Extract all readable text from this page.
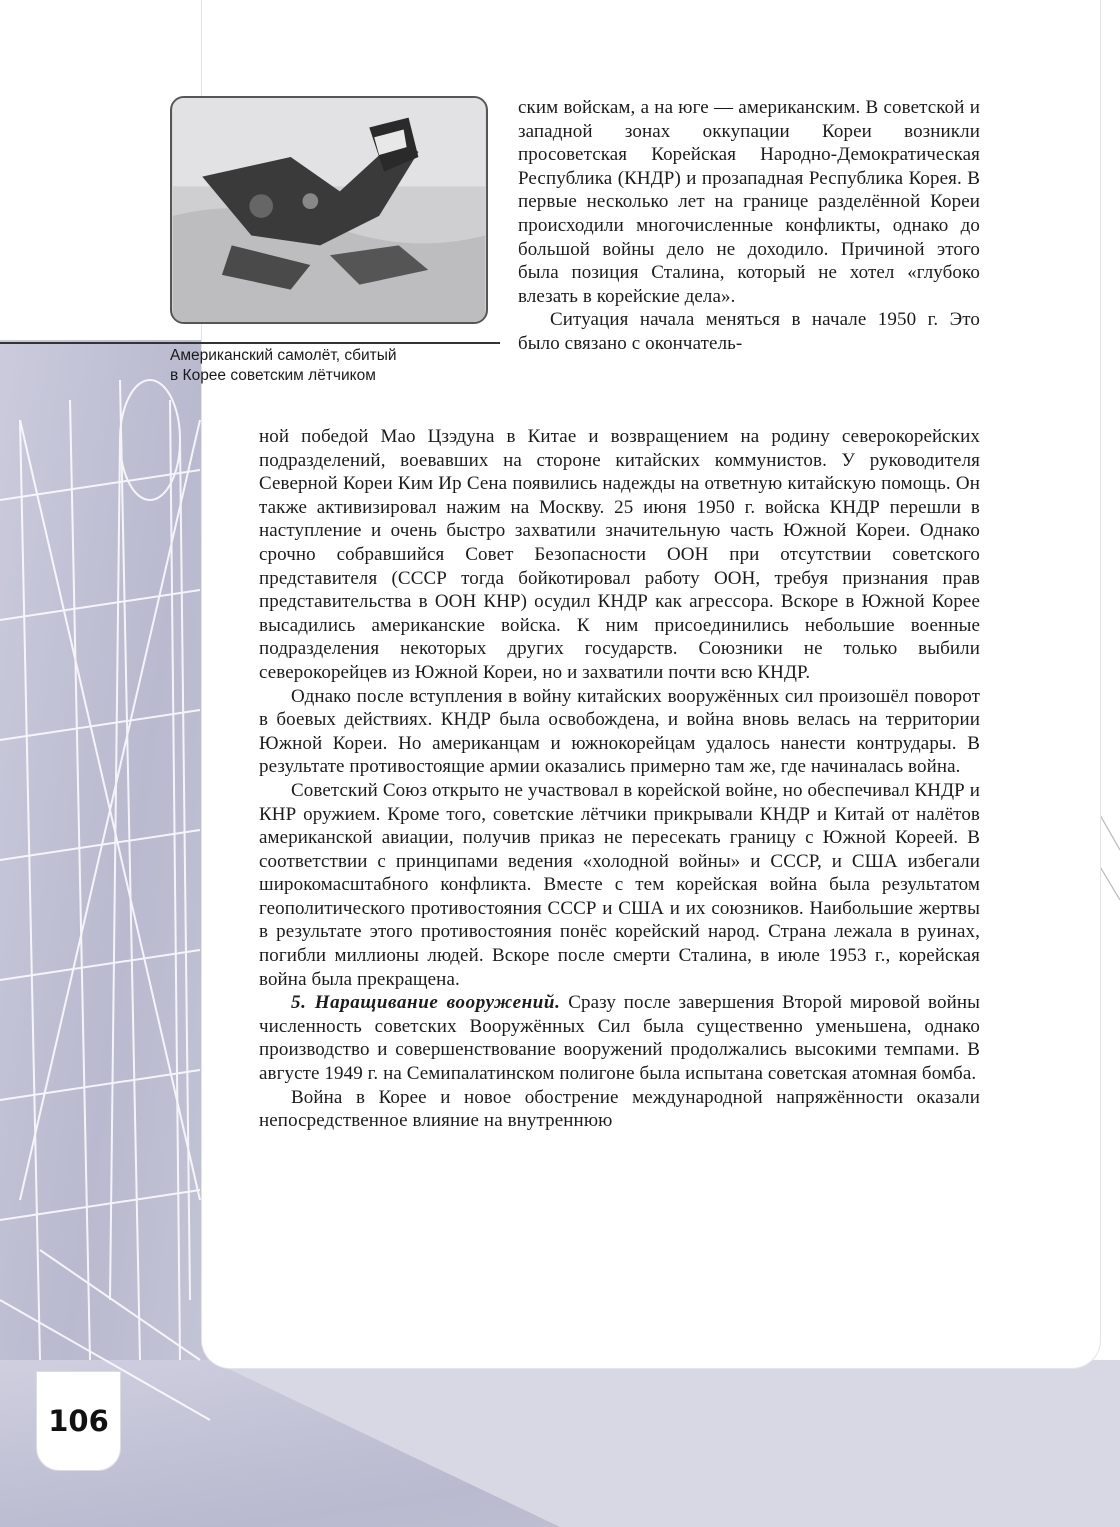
Американский самолёт, сбитый
в Корее советским лётчиком

ским войскам, а на юге — американским. В советской и западной зонах оккупации Кореи возникли просоветская Корейская Народно-Демократическая Республика (КНДР) и прозападная Республика Корея. В первые несколько лет на границе разделённой Кореи происходили многочисленные конфликты, однако до большой войны дело не доходило. Причиной этого была позиция Сталина, который не хотел «глубоко влезать в корейские дела».

Ситуация начала меняться в начале 1950 г. Это было связано с окончатель-

ной победой Мао Цзэдуна в Китае и возвращением на родину северокорейских подразделений, воевавших на стороне китайских коммунистов. У руководителя Северной Кореи Ким Ир Сена появились надежды на ответную китайскую помощь. Он также активизировал нажим на Москву. 25 июня 1950 г. войска КНДР перешли в наступление и очень быстро захватили значительную часть Южной Кореи. Однако срочно собравшийся Совет Безопасности ООН при отсутствии советского представителя (СССР тогда бойкотировал работу ООН, требуя признания прав представительства в ООН КНР) осудил КНДР как агрессора. Вскоре в Южной Корее высадились американские войска. К ним присоединились небольшие военные подразделения некоторых других государств. Союзники не только выбили северокорейцев из Южной Кореи, но и захватили почти всю КНДР.

Однако после вступления в войну китайских вооружённых сил произошёл поворот в боевых действиях. КНДР была освобождена, и война вновь велась на территории Южной Кореи. Но американцам и южнокорейцам удалось нанести контрудары. В результате противостоящие армии оказались примерно там же, где начиналась война.

Советский Союз открыто не участвовал в корейской войне, но обеспечивал КНДР и КНР оружием. Кроме того, советские лётчики прикрывали КНДР и Китай от налётов американской авиации, получив приказ не пересекать границу с Южной Кореей. В соответствии с принципами ведения «холодной войны» и СССР, и США избегали широкомасштабного конфликта. Вместе с тем корейская война была результатом геополитического противостояния СССР и США и их союзников. Наибольшие жертвы в результате этого противостояния понёс корейский народ. Страна лежала в руинах, погибли миллионы людей. Вскоре после смерти Сталина, в июле 1953 г., корейская война была прекращена.

5. Наращивание вооружений. Сразу после завершения Второй мировой войны численность советских Вооружённых Сил была существенно уменьшена, однако производство и совершенствование вооружений продолжались высокими темпами. В августе 1949 г. на Семипалатинском полигоне была испытана советская атомная бомба.

Война в Корее и новое обострение международной напряжённости оказали непосредственное влияние на внутреннюю

106
